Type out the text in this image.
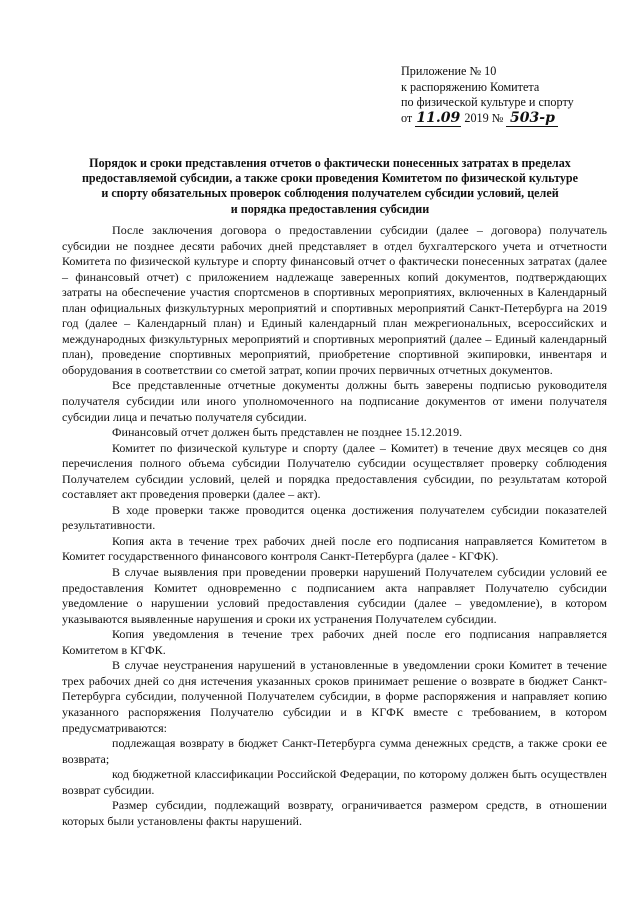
Приложение № 10
к распоряжению Комитета
по физической культуре и спорту
от 11.09 2019 № 503-р
Порядок и сроки представления отчетов о фактически понесенных затратах в пределах
предоставляемой субсидии, а также сроки проведения Комитетом по физической культуре
и спорту обязательных проверок соблюдения получателем субсидии условий, целей
и порядка предоставления субсидии

После заключения договора о предоставлении субсидии (далее – договора) получатель субсидии не позднее десяти рабочих дней представляет в отдел бухгалтерского учета и отчетности Комитета по физической культуре и спорту финансовый отчет о фактически понесенных затратах (далее – финансовый отчет) с приложением надлежаще заверенных копий документов, подтверждающих затраты на обеспечение участия спортсменов в спортивных мероприятиях, включенных в Календарный план официальных физкультурных мероприятий и спортивных мероприятий Санкт-Петербурга на 2019 год (далее – Календарный план) и Единый календарный план межрегиональных, всероссийских и международных физкультурных мероприятий и спортивных мероприятий (далее – Единый календарный план), проведение спортивных мероприятий, приобретение спортивной экипировки, инвентаря и оборудования в соответствии со сметой затрат, копии прочих первичных отчетных документов.

Все представленные отчетные документы должны быть заверены подписью руководителя получателя субсидии или иного уполномоченного на подписание документов от имени получателя субсидии лица и печатью получателя субсидии.

Финансовый отчет должен быть представлен не позднее 15.12.2019.

Комитет по физической культуре и спорту (далее – Комитет) в течение двух месяцев со дня перечисления полного объема субсидии Получателю субсидии осуществляет проверку соблюдения Получателем субсидии условий, целей и порядка предоставления субсидии, по результатам которой составляет акт проведения проверки (далее – акт).

В ходе проверки также проводится оценка достижения получателем субсидии показателей результативности.

Копия акта в течение трех рабочих дней после его подписания направляется Комитетом в Комитет государственного финансового контроля Санкт-Петербурга (далее - КГФК).

В случае выявления при проведении проверки нарушений Получателем субсидии условий ее предоставления Комитет одновременно с подписанием акта направляет Получателю субсидии уведомление о нарушении условий предоставления субсидии (далее – уведомление), в котором указываются выявленные нарушения и сроки их устранения Получателем субсидии.

Копия уведомления в течение трех рабочих дней после его подписания направляется Комитетом в КГФК.

В случае неустранения нарушений в установленные в уведомлении сроки Комитет в течение трех рабочих дней со дня истечения указанных сроков принимает решение о возврате в бюджет Санкт-Петербурга субсидии, полученной Получателем субсидии, в форме распоряжения и направляет копию указанного распоряжения Получателю субсидии и в КГФК вместе с требованием, в котором предусматриваются:

подлежащая возврату в бюджет Санкт-Петербурга сумма денежных средств, а также сроки ее возврата;

код бюджетной классификации Российской Федерации, по которому должен быть осуществлен возврат субсидии.

Размер субсидии, подлежащий возврату, ограничивается размером средств, в отношении которых были установлены факты нарушений.
